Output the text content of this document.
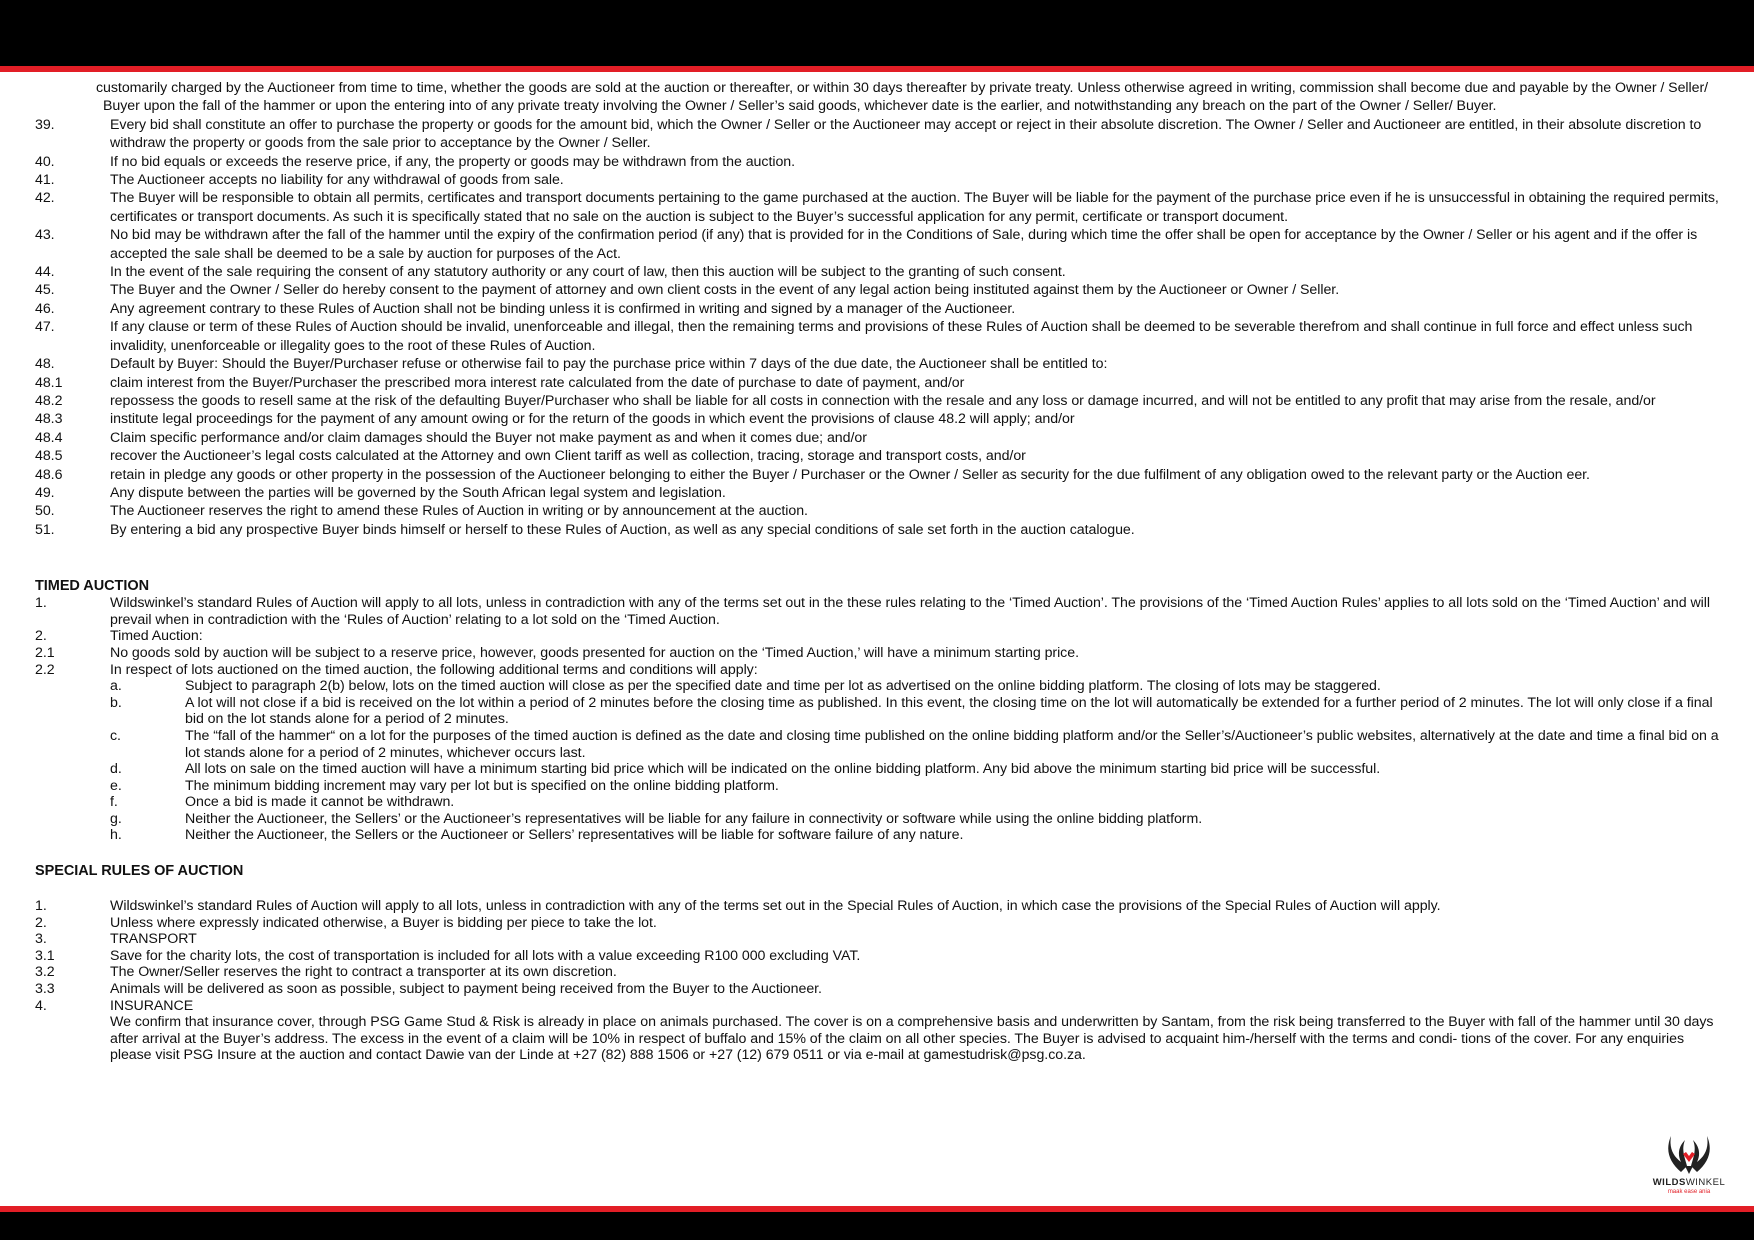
customarily charged by the Auctioneer from time to time, whether the goods are sold at the auction or thereafter, or within 30 days thereafter by private treaty. Unless otherwise agreed in writing, commission shall become due and payable by the Owner / Seller/ Buyer upon the fall of the hammer or upon the entering into of any private treaty involving the Owner / Seller’s said goods, whichever date is the earlier, and notwithstanding any breach on the part of the Owner / Seller/ Buyer.
39.	Every bid shall constitute an offer to purchase the property or goods for the amount bid, which the Owner / Seller or the Auctioneer may accept or reject in their absolute discretion. The Owner / Seller and Auctioneer are entitled, in their absolute discretion to withdraw the property or goods from the sale prior to acceptance by the Owner / Seller.
40.	If no bid equals or exceeds the reserve price, if any, the property or goods may be withdrawn from the auction.
41.	The Auctioneer accepts no liability for any withdrawal of goods from sale.
42.	The Buyer will be responsible to obtain all permits, certificates and transport documents pertaining to the game purchased at the auction. The Buyer will be liable for the payment of the purchase price even if he is unsuccessful in obtaining the required permits, certificates or transport documents. As such it is specifically stated that no sale on the auction is subject to the Buyer’s successful application for any permit, certificate or transport document.
43.	No bid may be withdrawn after the fall of the hammer until the expiry of the confirmation period (if any) that is provided for in the Conditions of Sale, during which time the offer shall be open for acceptance by the Owner / Seller or his agent and if the offer is accepted the sale shall be deemed to be a sale by auction for purposes of the Act.
44.	In the event of the sale requiring the consent of any statutory authority or any court of law, then this auction will be subject to the granting of such consent.
45.	The Buyer and the Owner / Seller do hereby consent to the payment of attorney and own client costs in the event of any legal action being instituted against them by the Auctioneer or Owner / Seller.
46.	Any agreement contrary to these Rules of Auction shall not be binding unless it is confirmed in writing and signed by a manager of the Auctioneer.
47.	If any clause or term of these Rules of Auction should be invalid, unenforceable and illegal, then the remaining terms and provisions of these Rules of Auction shall be deemed to be severable therefrom and shall continue in full force and effect unless such invalidity, unenforceable or illegality goes to the root of these Rules of Auction.
48.	Default by Buyer: Should the Buyer/Purchaser refuse or otherwise fail to pay the purchase price within 7 days of the due date, the Auctioneer shall be entitled to:
48.1	claim interest from the Buyer/Purchaser the prescribed mora interest rate calculated from the date of purchase to date of payment, and/or
48.2	repossess the goods to resell same at the risk of the defaulting Buyer/Purchaser who shall be liable for all costs in connection with the resale and any loss or damage incurred, and will not be entitled to any profit that may arise from the resale, and/or
48.3	institute legal proceedings for the payment of any amount owing or for the return of the goods in which event the provisions of clause 48.2 will apply; and/or
48.4	Claim specific performance and/or claim damages should the Buyer not make payment as and when it comes due; and/or
48.5	recover the Auctioneer’s legal costs calculated at the Attorney and own Client tariff as well as collection, tracing, storage and transport costs, and/or
48.6	retain in pledge any goods or other property in the possession of the Auctioneer belonging to either the Buyer / Purchaser or the Owner / Seller as security for the due fulfilment of any obligation owed to the relevant party or the Auction eer.
49.	Any dispute between the parties will be governed by the South African legal system and legislation.
50.	The Auctioneer reserves the right to amend these Rules of Auction in writing or by announcement at the auction.
51.	By entering a bid any prospective Buyer binds himself or herself to these Rules of Auction, as well as any special conditions of sale set forth in the auction catalogue.
TIMED AUCTION
1.	Wildswinkel’s standard Rules of Auction will apply to all lots, unless in contradiction with any of the terms set out in the these rules relating to the ‘Timed Auction’. The provisions of the ‘Timed Auction Rules’ applies to all lots sold on the ‘Timed Auction’ and will prevail when in contradiction with the ‘Rules of Auction’ relating to a lot sold on the ‘Timed Auction.
2.	Timed Auction:
2.1	No goods sold by auction will be subject to a reserve price, however, goods presented for auction on the ‘Timed Auction,’ will have a minimum starting price.
2.2	In respect of lots auctioned on the timed auction, the following additional terms and conditions will apply:
a.	Subject to paragraph 2(b) below, lots on the timed auction will close as per the specified date and time per lot as advertised on the online bidding platform. The closing of lots may be staggered.
b.	A lot will not close if a bid is received on the lot within a period of 2 minutes before the closing time as published. In this event, the closing time on the lot will automatically be extended for a further period of 2 minutes. The lot will only close if a final bid on the lot stands alone for a period of 2 minutes.
c.	The “fall of the hammer“ on a lot for the purposes of the timed auction is defined as the date and closing time published on the online bidding platform and/or the Seller’s/Auctioneer’s public websites, alternatively at the date and time a final bid on a lot stands alone for a period of 2 minutes, whichever occurs last.
d.	All lots on sale on the timed auction will have a minimum starting bid price which will be indicated on the online bidding platform. Any bid above the minimum starting bid price will be successful.
e.	The minimum bidding increment may vary per lot but is specified on the online bidding platform.
f.	Once a bid is made it cannot be withdrawn.
g.	Neither the Auctioneer, the Sellers’ or the Auctioneer’s representatives will be liable for any failure in connectivity or software while using the online bidding platform.
h.	Neither the Auctioneer, the Sellers or the Auctioneer or Sellers’ representatives will be liable for software failure of any nature.
SPECIAL RULES OF AUCTION
1.	Wildswinkel’s standard Rules of Auction will apply to all lots, unless in contradiction with any of the terms set out in the Special Rules of Auction, in which case the provisions of the Special Rules of Auction will apply.
2.	Unless where expressly indicated otherwise, a Buyer is bidding per piece to take the lot.
3.	TRANSPORT
3.1	Save for the charity lots, the cost of transportation is included for all lots with a value exceeding R100 000 excluding VAT.
3.2	The Owner/Seller reserves the right to contract a transporter at its own discretion.
3.3	Animals will be delivered as soon as possible, subject to payment being received from the Buyer to the Auctioneer.
4.	INSURANCE
We confirm that insurance cover, through PSG Game Stud & Risk is already in place on animals purchased. The cover is on a comprehensive basis and underwritten by Santam, from the risk being transferred to the Buyer with fall of the hammer until 30 days after arrival at the Buyer’s address. The excess in the event of a claim will be 10% in respect of buffalo and 15% of the claim on all other species. The Buyer is advised to acquaint him-/herself with the terms and condi- tions of the cover. For any enquiries please visit PSG Insure at the auction and contact Dawie van der Linde at +27 (82) 888 1506 or +27 (12) 679 0511 or via e-mail at gamestudrisk@psg.co.za.
WILDSWINKEL
maak ease ania
